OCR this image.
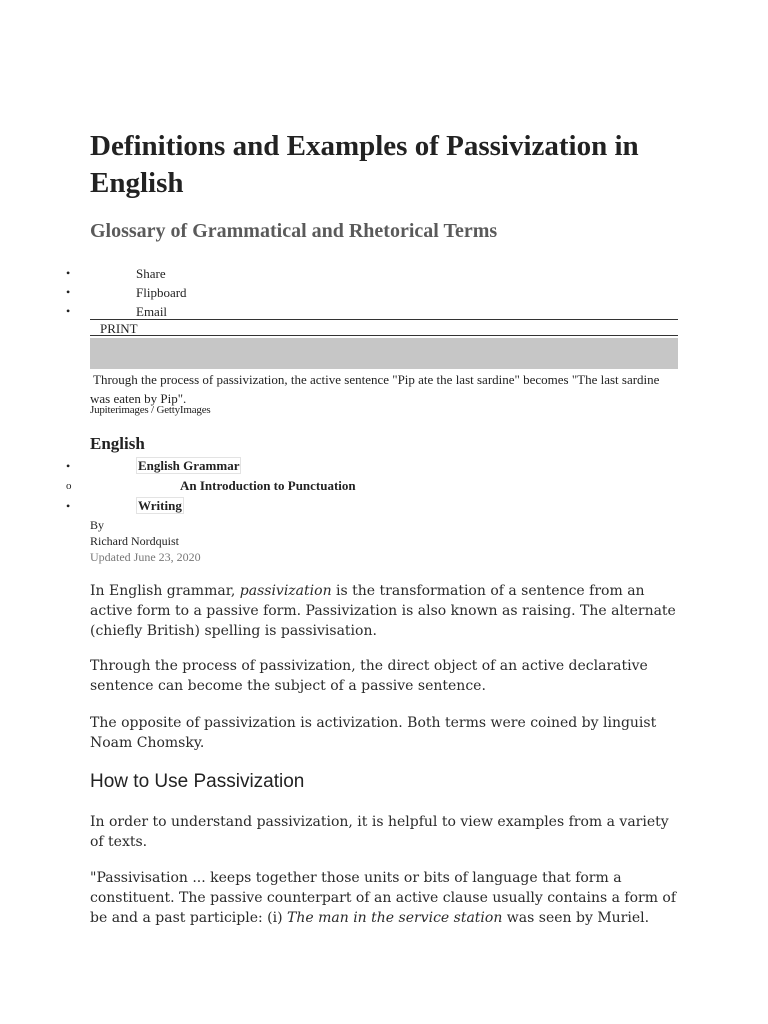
Definitions and Examples of Passivization in English
Glossary of Grammatical and Rhetorical Terms
• Share
• Flipboard
• Email
PRINT

Through the process of passivization, the active sentence "Pip ate the last sardine" becomes "The last sardine was eaten by Pip".

Jupiterimages / GettyImages

English
• English Grammar
o An Introduction to Punctuation
• Writing
By
Richard Nordquist
Updated June 23, 2020

In English grammar, passivization is the transformation of a sentence from an active form to a passive form. Passivization is also known as raising. The alternate (chiefly British) spelling is passivisation.

Through the process of passivization, the direct object of an active declarative sentence can become the subject of a passive sentence.

The opposite of passivization is activization. Both terms were coined by linguist Noam Chomsky.

How to Use Passivization

In order to understand passivization, it is helpful to view examples from a variety of texts.

"Passivisation ... keeps together those units or bits of language that form a constituent. The passive counterpart of an active clause usually contains a form of be and a past participle: (i) The man in the service station was seen by Muriel.
